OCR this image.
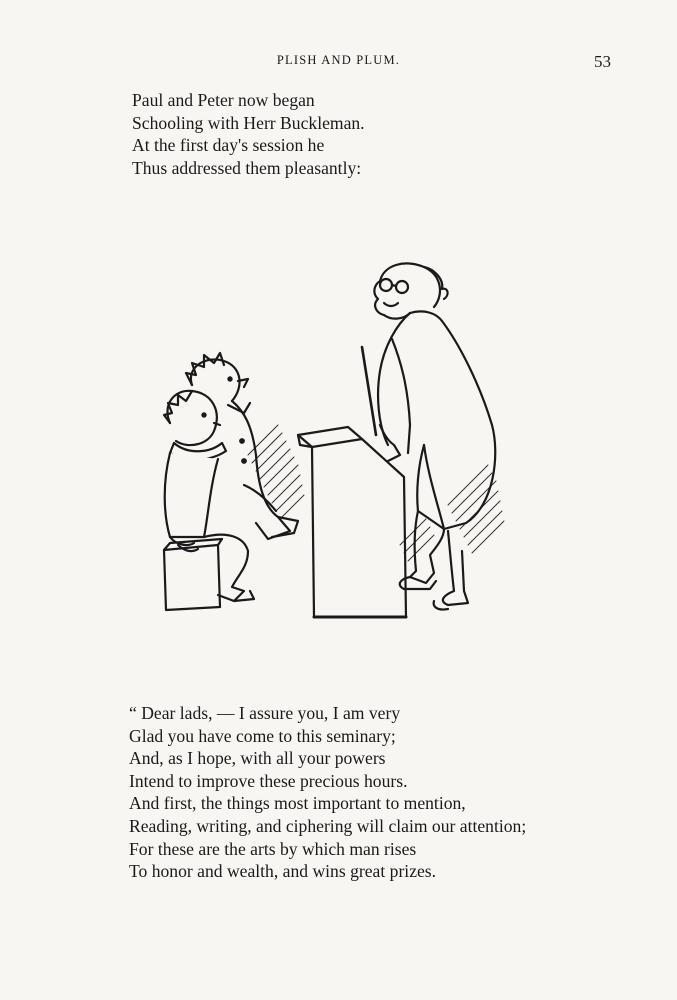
PLISH AND PLUM.	53
Paul and Peter now began
Schooling with Herr Buckleman.
At the first day's session he
Thus addressed them pleasantly:
“ Dear lads, — I assure you, I am very
Glad you have come to this seminary;
And, as I hope, with all your powers
Intend to improve these precious hours.
And first, the things most important to mention,
Reading, writing, and ciphering will claim our attention;
For these are the arts by which man rises
To honor and wealth, and wins great prizes.
